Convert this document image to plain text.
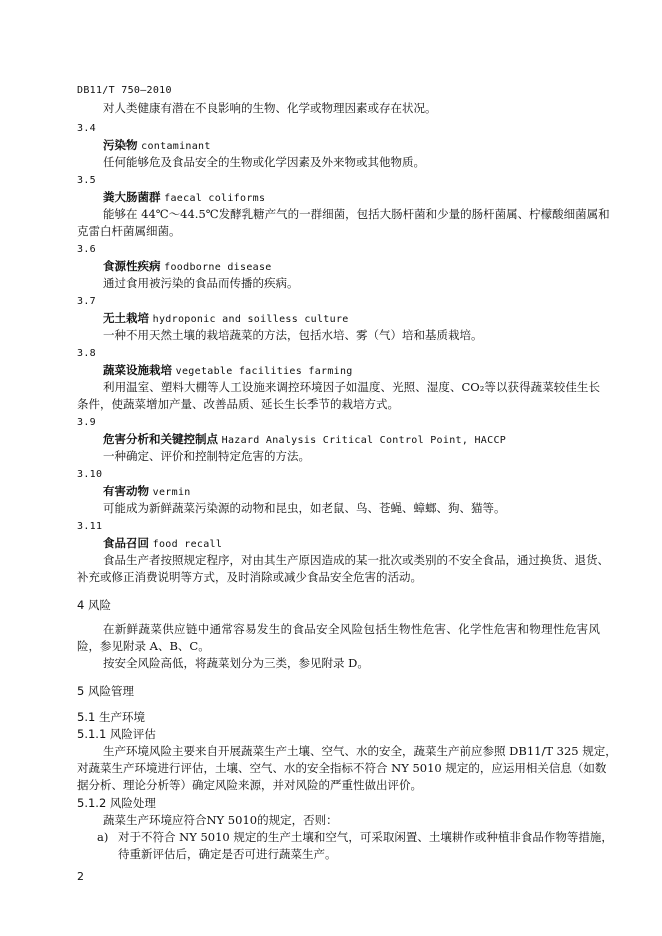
DB11/T 750—2010
对人类健康有潜在不良影响的生物、化学或物理因素或存在状况。
3.4
污染物 contaminant
任何能够危及食品安全的生物或化学因素及外来物或其他物质。
3.5
粪大肠菌群 faecal coliforms
能够在 44℃～44.5℃发酵乳糖产气的一群细菌，包括大肠杆菌和少量的肠杆菌属、柠檬酸细菌属和
克雷白杆菌属细菌。
3.6
食源性疾病 foodborne disease
通过食用被污染的食品而传播的疾病。
3.7
无土栽培 hydroponic and soilless culture
一种不用天然土壤的栽培蔬菜的方法，包括水培、雾（气）培和基质栽培。
3.8
蔬菜设施栽培 vegetable facilities farming
利用温室、塑料大棚等人工设施来调控环境因子如温度、光照、湿度、CO₂等以获得蔬菜较佳生长
条件，使蔬菜增加产量、改善品质、延长生长季节的栽培方式。
3.9
危害分析和关键控制点 Hazard Analysis Critical Control Point, HACCP
一种确定、评价和控制特定危害的方法。
3.10
有害动物 vermin
可能成为新鲜蔬菜污染源的动物和昆虫，如老鼠、鸟、苍蝇、蟑螂、狗、猫等。
3.11
食品召回 food recall
食品生产者按照规定程序，对由其生产原因造成的某一批次或类别的不安全食品，通过换货、退货、
补充或修正消费说明等方式，及时消除或减少食品安全危害的活动。
4 风险
在新鲜蔬菜供应链中通常容易发生的食品安全风险包括生物性危害、化学性危害和物理性危害风
险，参见附录 A、B、C。
按安全风险高低，将蔬菜划分为三类，参见附录 D。
5 风险管理
5.1 生产环境
5.1.1 风险评估
生产环境风险主要来自开展蔬菜生产土壤、空气、水的安全，蔬菜生产前应参照 DB11/T 325 规定，
对蔬菜生产环境进行评估，土壤、空气、水的安全指标不符合 NY 5010 规定的，应运用相关信息（如数
据分析、理论分析等）确定风险来源，并对风险的严重性做出评价。
5.1.2 风险处理
蔬菜生产环境应符合NY 5010的规定，否则：
a) 对于不符合 NY 5010 规定的生产土壤和空气，可采取闲置、土壤耕作或种植非食品作物等措施，
待重新评估后，确定是否可进行蔬菜生产。
2
